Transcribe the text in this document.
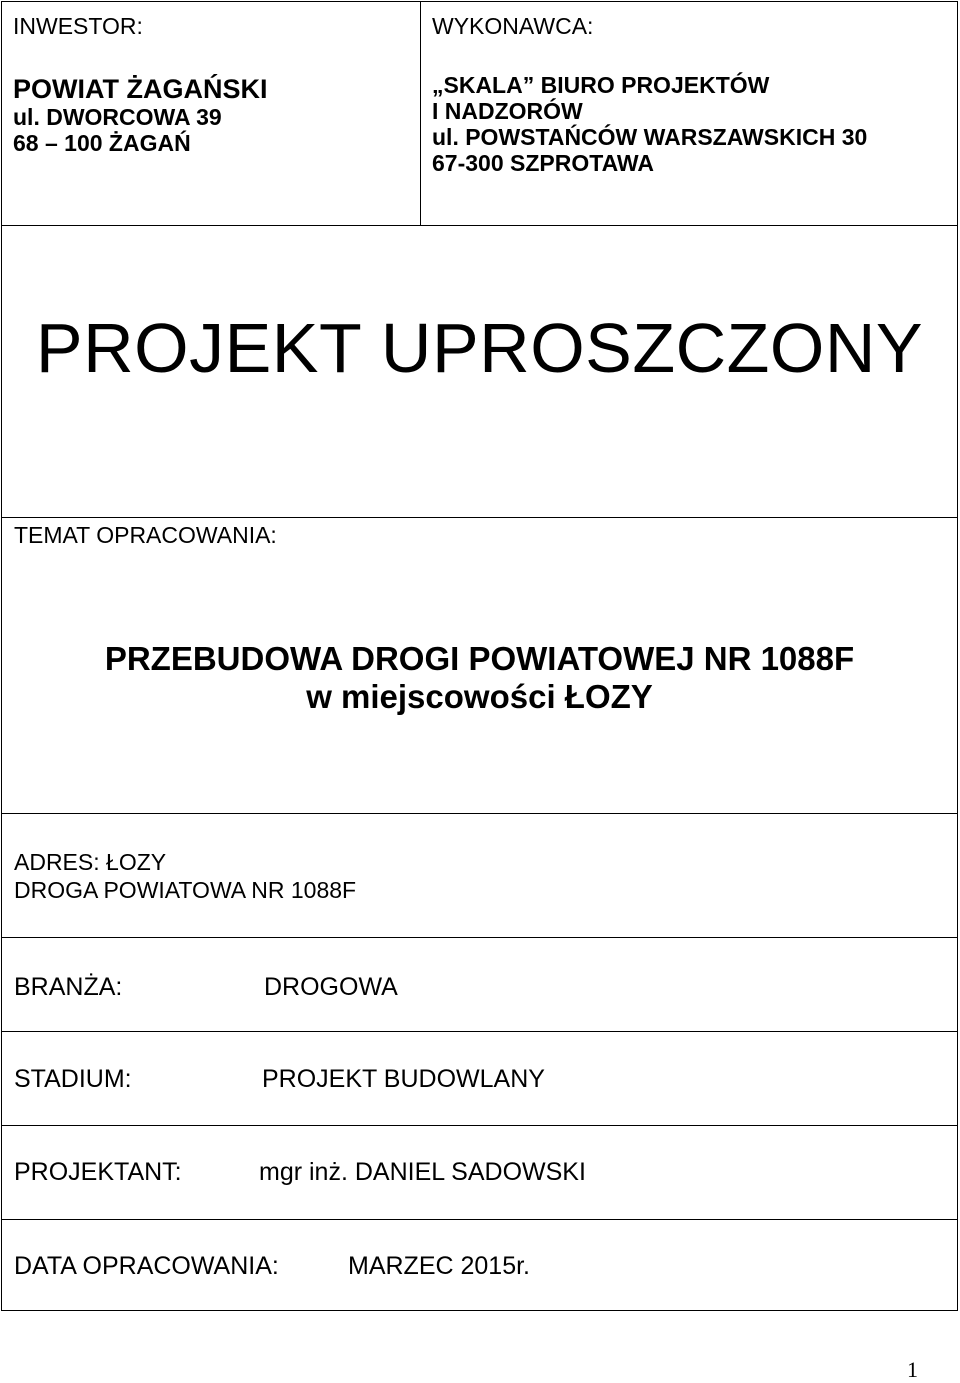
INWESTOR:
POWIAT ŻAGAŃSKI
ul. DWORCOWA 39
68 – 100 ŻAGAŃ
WYKONAWCA:
„SKALA” BIURO PROJEKTÓW
I NADZORÓW
ul. POWSTAŃCÓW WARSZAWSKICH 30
67-300 SZPROTAWA
PROJEKT UPROSZCZONY
TEMAT OPRACOWANIA:
PRZEBUDOWA DROGI POWIATOWEJ NR 1088F
w miejscowości ŁOZY
ADRES: ŁOZY
DROGA POWIATOWA NR 1088F
BRANŻA:	DROGOWA
STADIUM:	PROJEKT BUDOWLANY
PROJEKTANT:	mgr inż. DANIEL SADOWSKI
DATA OPRACOWANIA:	MARZEC 2015r.
1
